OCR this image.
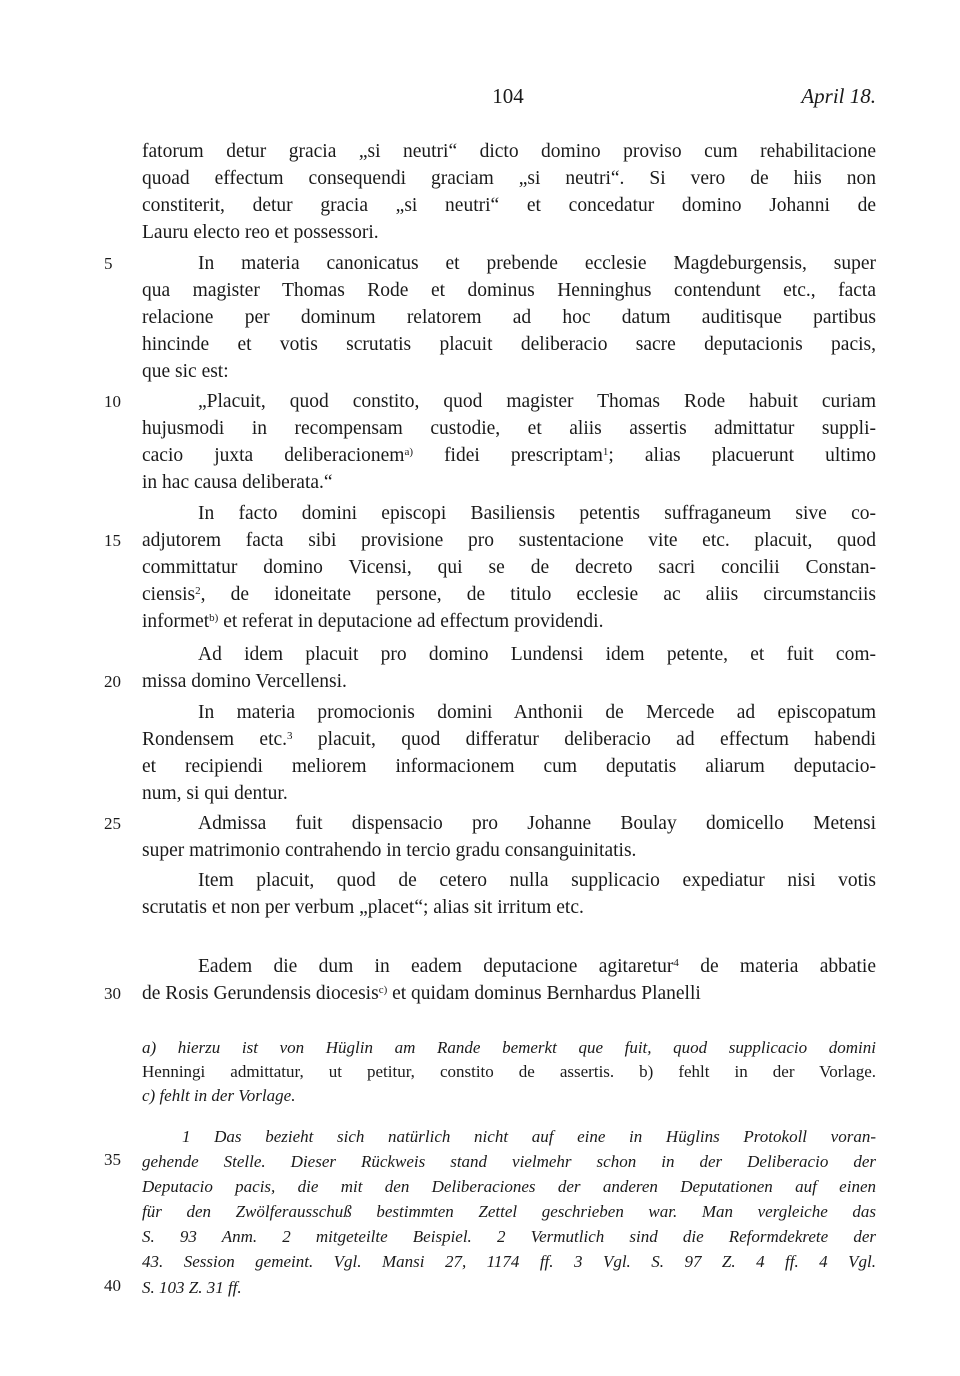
104	April 18.
5
10
15
20
25
30
35
40
fatorum detur gracia „si neutri“ dicto domino proviso cum rehabilitacione
quoad effectum consequendi graciam „si neutri“. Si vero de hiis non
constiterit, detur gracia „si neutri“ et concedatur domino Johanni de
Lauru electo reo et possessori.
In materia canonicatus et prebende ecclesie Magdeburgensis, super
qua magister Thomas Rode et dominus Henninghus contendunt etc., facta
relacione per dominum relatorem ad hoc datum auditisque partibus
hincinde et votis scrutatis placuit deliberacio sacre deputacionis pacis,
que sic est:
„Placuit, quod constito, quod magister Thomas Rode habuit curiam
hujusmodi in recompensam custodie, et aliis assertis admittatur suppli-
cacio juxta deliberacionem$^{a)}$ fidei prescriptam$^1$; alias placuerunt ultimo
in hac causa deliberata.“
In facto domini episcopi Basiliensis petentis suffraganeum sive co-
adjutorem facta sibi provisione pro sustentacione vite etc. placuit, quod
committatur domino Vicensi, qui se de decreto sacri concilii Constan-
ciensis$^2$, de idoneitate persone, de titulo ecclesie ac aliis circumstanciis
informet$^{b)}$ et referat in deputacione ad effectum providendi.
Ad idem placuit pro domino Lundensi idem petente, et fuit com-
missa domino Vercellensi.
In materia promocionis domini Anthonii de Mercede ad episcopatum
Rondensem etc.$^3$ placuit, quod differatur deliberacio ad effectum habendi
et recipiendi meliorem informacionem cum deputatis aliarum deputacio-
num, si qui dentur.
Admissa fuit dispensacio pro Johanne Boulay domicello Metensi
super matrimonio contrahendo in tercio gradu consanguinitatis.
Item placuit, quod de cetero nulla supplicacio expediatur nisi votis
scrutatis et non per verbum „placet“; alias sit irritum etc.
Eadem die dum in eadem deputacione agitaretur$^4$ de materia abbatie
de Rosis Gerundensis diocesis$^{c)}$ et quidam dominus Bernhardus Planelli
a) hierzu ist von Hüglin am Rande bemerkt que fuit, quod supplicacio domini
Henningi admittatur, ut petitur, constito de assertis. b) fehlt in der Vorlage.
c) fehlt in der Vorlage.
1 Das bezieht sich natürlich nicht auf eine in Hüglins Protokoll voran-
gehende Stelle. Dieser Rückweis stand vielmehr schon in der Deliberacio der
Deputacio pacis, die mit den Deliberaciones der anderen Deputationen auf einen
für den Zwölferausschuß bestimmten Zettel geschrieben war. Man vergleiche das
S. 93 Anm. 2 mitgeteilte Beispiel. 2 Vermutlich sind die Reformdekrete der
43. Session gemeint. Vgl. Mansi 27, 1174 ff. 3 Vgl. S. 97 Z. 4 ff. 4 Vgl.
S. 103 Z. 31 ff.
